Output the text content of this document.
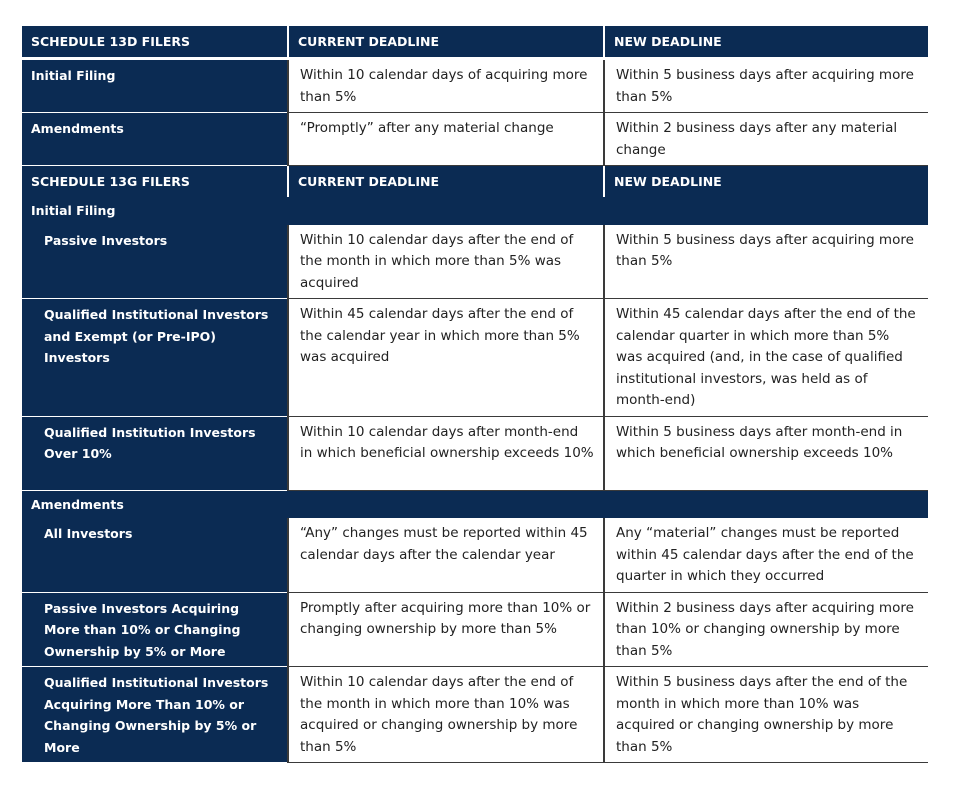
SCHEDULE 13D FILERS	CURRENT DEADLINE	NEW DEADLINE

Initial Filing	Within 10 calendar days of acquiring more than 5%	Within 5 business days after acquiring more than 5%
Amendments	“Promptly” after any material change	Within 2 business days after any material change
SCHEDULE 13G FILERS	CURRENT DEADLINE	NEW DEADLINE
Initial Filing		
Passive Investors	Within 10 calendar days after the end of the month in which more than 5% was acquired	Within 5 business days after acquiring more than 5%
Qualified Institutional Investors and Exempt (or Pre-IPO) Investors	Within 45 calendar days after the end of the calendar year in which more than 5% was acquired	Within 45 calendar days after the end of the calendar quarter in which more than 5% was acquired (and, in the case of qualified institutional investors, was held as of month-end)
Qualified Institution Investors Over 10%	Within 10 calendar days after month-end in which beneficial ownership exceeds 10%	Within 5 business days after month-end in which beneficial ownership exceeds 10%
Amendments		
All Investors	“Any” changes must be reported within 45 calendar days after the calendar year	Any “material” changes must be reported within 45 calendar days after the end of the quarter in which they occurred
Passive Investors Acquiring More than 10% or Changing Ownership by 5% or More	Promptly after acquiring more than 10% or changing ownership by more than 5%	Within 2 business days after acquiring more than 10% or changing ownership by more than 5%
Qualified Institutional Investors Acquiring More Than 10% or Changing Ownership by 5% or More	Within 10 calendar days after the end of the month in which more than 10% was acquired or changing ownership by more than 5%	Within 5 business days after the end of the month in which more than 10% was acquired or changing ownership by more than 5%
